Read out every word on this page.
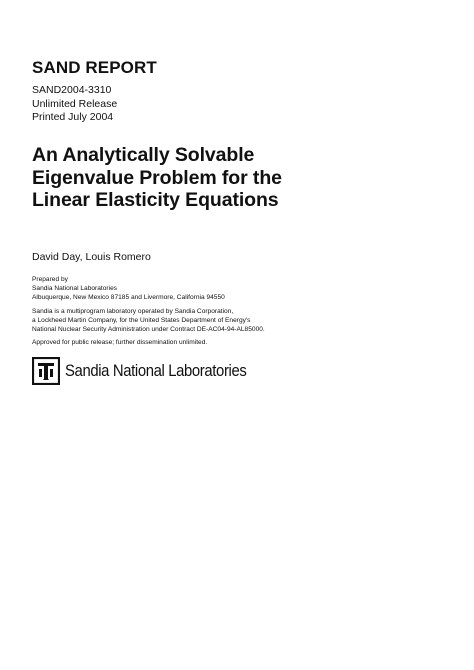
SAND REPORT
SAND2004-3310
Unlimited Release
Printed July 2004
An Analytically Solvable
Eigenvalue Problem for the
Linear Elasticity Equations
David Day, Louis Romero
Prepared by
Sandia National Laboratories
Albuquerque, New Mexico 87185 and Livermore, California 94550
Sandia is a multiprogram laboratory operated by Sandia Corporation,
a Lockheed Martin Company, for the United States Department of Energy's
National Nuclear Security Administration under Contract DE-AC04-94-AL85000.
Approved for public release; further dissemination unlimited.
Sandia National Laboratories
